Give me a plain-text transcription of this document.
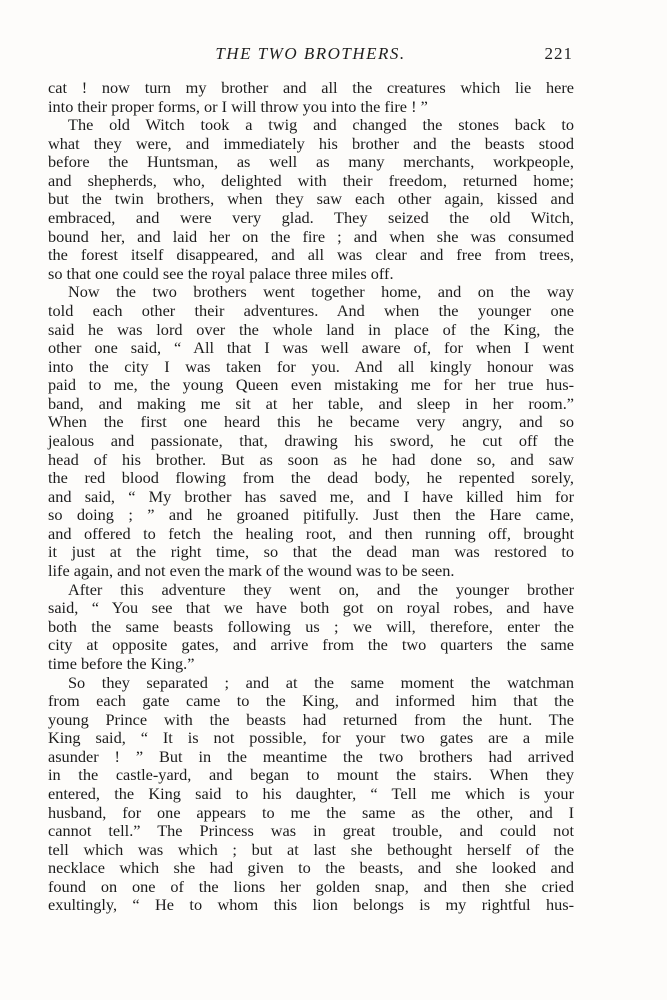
THE TWO BROTHERS.	221
cat ! now turn my brother and all the creatures which lie here
into their proper forms, or I will throw you into the fire ! ”
The old Witch took a twig and changed the stones back to
what they were, and immediately his brother and the beasts stood
before the Huntsman, as well as many merchants, workpeople,
and shepherds, who, delighted with their freedom, returned home;
but the twin brothers, when they saw each other again, kissed and
embraced, and were very glad. They seized the old Witch,
bound her, and laid her on the fire ; and when she was consumed
the forest itself disappeared, and all was clear and free from trees,
so that one could see the royal palace three miles off.
Now the two brothers went together home, and on the way
told each other their adventures. And when the younger one
said he was lord over the whole land in place of the King, the
other one said, “ All that I was well aware of, for when I went
into the city I was taken for you. And all kingly honour was
paid to me, the young Queen even mistaking me for her true hus-
band, and making me sit at her table, and sleep in her room.”
When the first one heard this he became very angry, and so
jealous and passionate, that, drawing his sword, he cut off the
head of his brother. But as soon as he had done so, and saw
the red blood flowing from the dead body, he repented sorely,
and said, “ My brother has saved me, and I have killed him for
so doing ; ” and he groaned pitifully. Just then the Hare came,
and offered to fetch the healing root, and then running off, brought
it just at the right time, so that the dead man was restored to
life again, and not even the mark of the wound was to be seen.
After this adventure they went on, and the younger brother
said, “ You see that we have both got on royal robes, and have
both the same beasts following us ; we will, therefore, enter the
city at opposite gates, and arrive from the two quarters the same
time before the King.”
So they separated ; and at the same moment the watchman
from each gate came to the King, and informed him that the
young Prince with the beasts had returned from the hunt. The
King said, “ It is not possible, for your two gates are a mile
asunder ! ” But in the meantime the two brothers had arrived
in the castle-yard, and began to mount the stairs. When they
entered, the King said to his daughter, “ Tell me which is your
husband, for one appears to me the same as the other, and I
cannot tell.” The Princess was in great trouble, and could not
tell which was which ; but at last she bethought herself of the
necklace which she had given to the beasts, and she looked and
found on one of the lions her golden snap, and then she cried
exultingly, “ He to whom this lion belongs is my rightful hus-
